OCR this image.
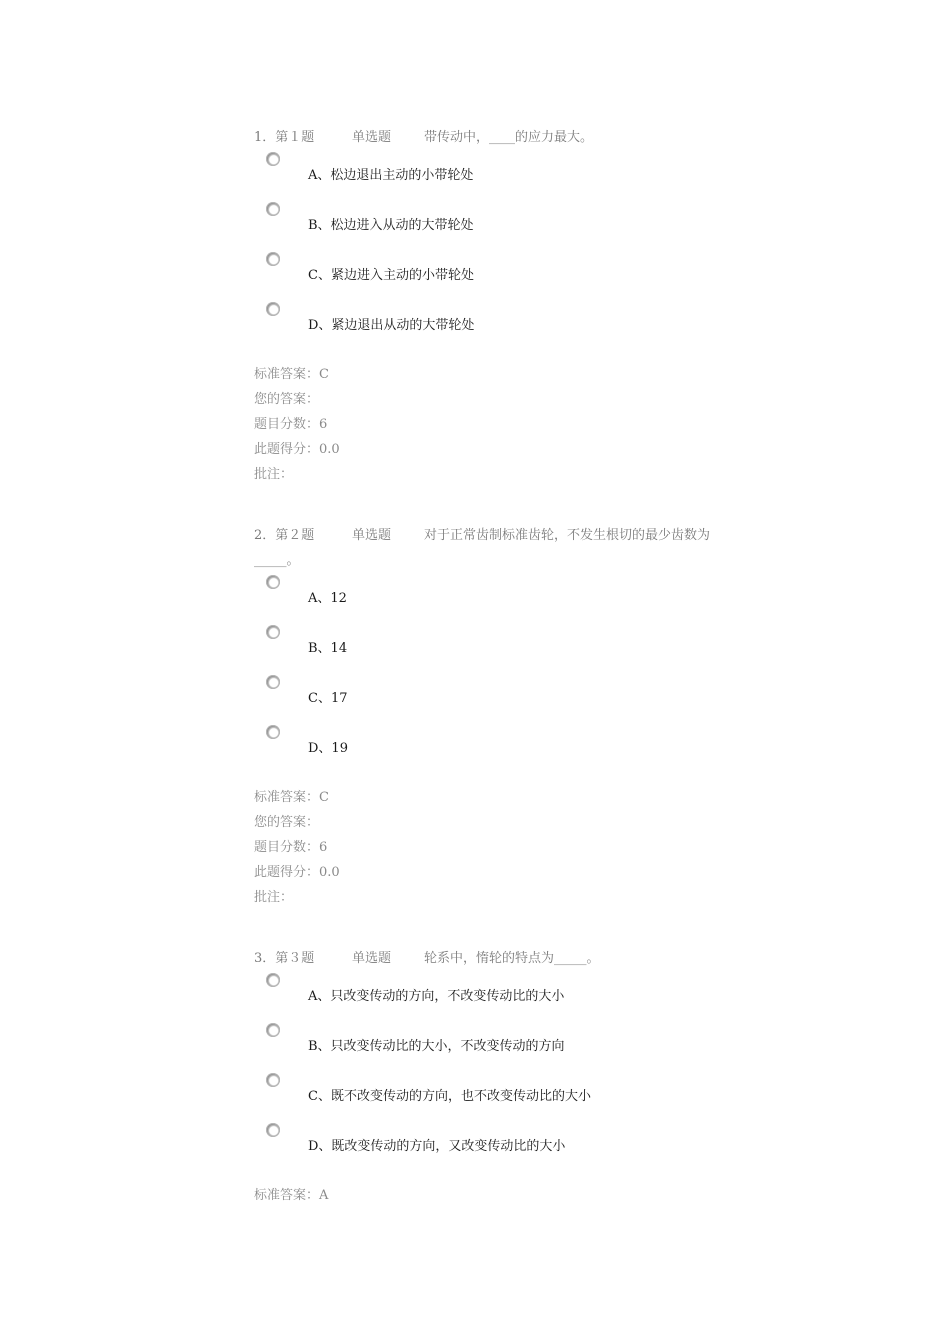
1．第１题	单选题	带传动中，____的应力最大。
A、松边退出主动的小带轮处
B、松边进入从动的大带轮处
C、紧边进入主动的小带轮处
D、紧边退出从动的大带轮处
标准答案：C
您的答案：
题目分数：6
此题得分：0.0
批注：
2．第２题	单选题	对于正常齿制标准齿轮，不发生根切的最少齿数为_____。
A、12
B、14
C、17
D、19
标准答案：C
您的答案：
题目分数：6
此题得分：0.0
批注：
3．第３题	单选题	轮系中，惰轮的特点为_____。
A、只改变传动的方向，不改变传动比的大小
B、只改变传动比的大小，不改变传动的方向
C、既不改变传动的方向，也不改变传动比的大小
D、既改变传动的方向，又改变传动比的大小
标准答案：A
